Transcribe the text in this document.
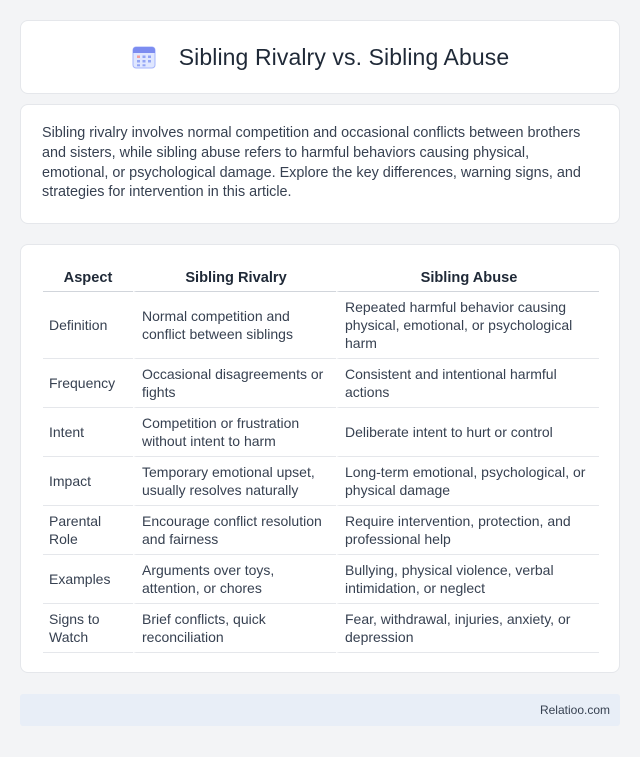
Sibling Rivalry vs. Sibling Abuse

Sibling rivalry involves normal competition and occasional conflicts between brothers and sisters, while sibling abuse refers to harmful behaviors causing physical, emotional, or psychological damage. Explore the key differences, warning signs, and strategies for intervention in this article.

Aspect	Sibling Rivalry	Sibling Abuse
Definition	Normal competition and conflict between siblings	Repeated harmful behavior causing physical, emotional, or psychological harm
Frequency	Occasional disagreements or fights	Consistent and intentional harmful actions
Intent	Competition or frustration without intent to harm	Deliberate intent to hurt or control
Impact	Temporary emotional upset, usually resolves naturally	Long-term emotional, psychological, or physical damage
Parental Role	Encourage conflict resolution and fairness	Require intervention, protection, and professional help
Examples	Arguments over toys, attention, or chores	Bullying, physical violence, verbal intimidation, or neglect
Signs to Watch	Brief conflicts, quick reconciliation	Fear, withdrawal, injuries, anxiety, or depression
Relatioo.com
